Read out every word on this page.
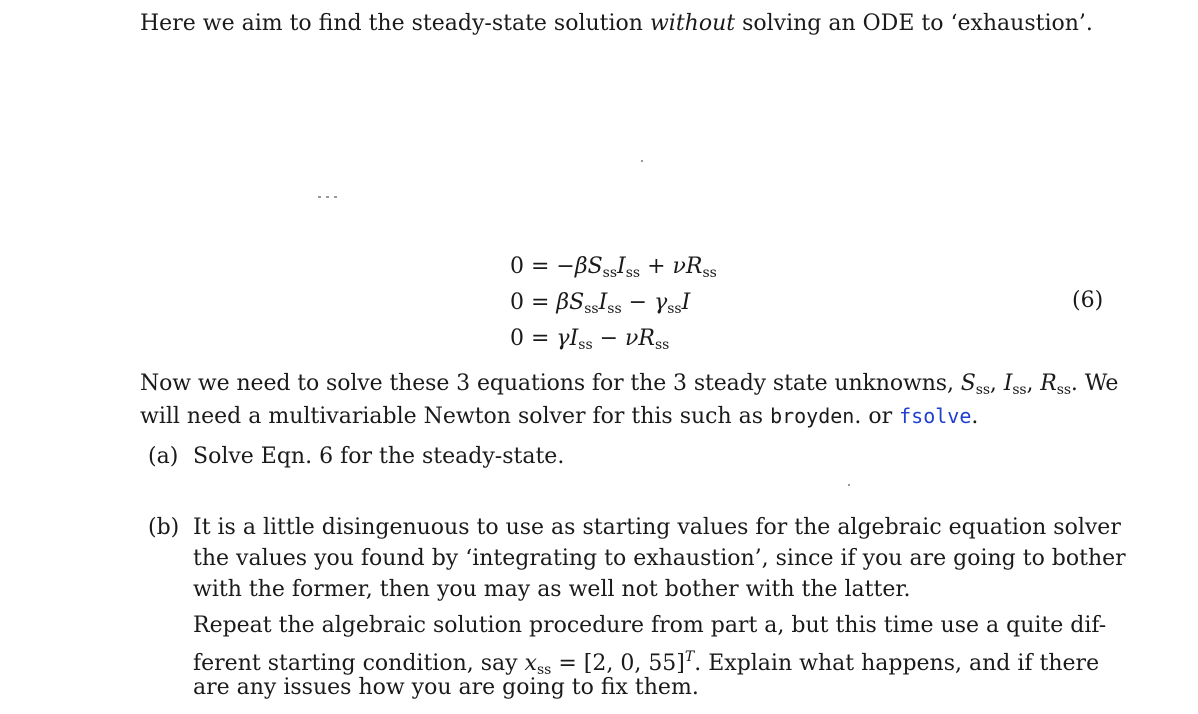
Here we aim to find the steady-state solution without solving an ODE to ‘exhaustion’.
$0 = -\beta S_{ss}I_{ss} + \nu R_{ss}$
$0 = \beta S_{ss}I_{ss} - \gamma_{ss}I$
$0 = \gamma I_{ss} - \nu R_{ss}$
(6)
Now we need to solve these 3 equations for the 3 steady state unknowns, $S_{ss}$, $I_{ss}$, $R_{ss}$. We
will need a multivariable Newton solver for this such as broyden. or fsolve.
(a) Solve Eqn. 6 for the steady-state.
(b) It is a little disingenuous to use as starting values for the algebraic equation solver
the values you found by ‘integrating to exhaustion’, since if you are going to bother
with the former, then you may as well not bother with the latter.
Repeat the algebraic solution procedure from part a, but this time use a quite dif-
ferent starting condition, say $x_{ss} = [2$, 0, 55]$^T$. Explain what happens, and if there
are any issues how you are going to fix them.
